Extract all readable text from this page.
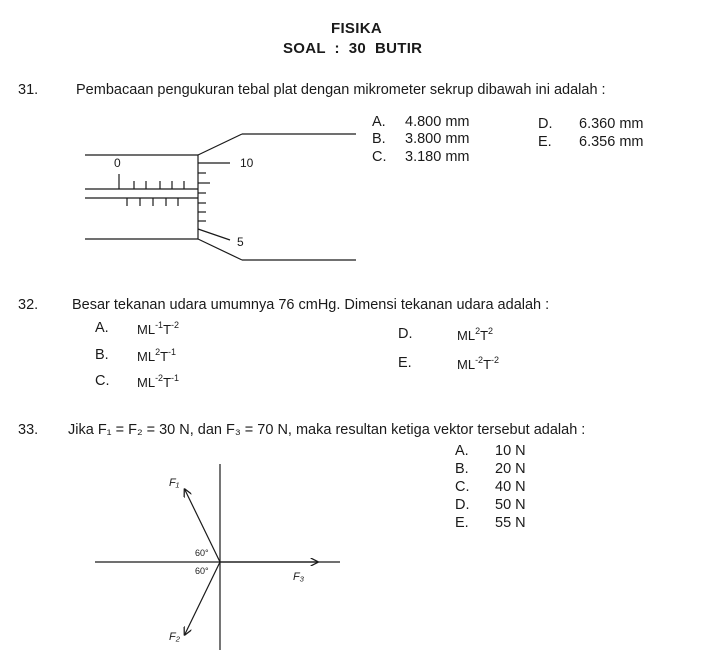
FISIKA
SOAL  :  30  BUTIR
31.	Pembacaan pengukuran tebal plat dengan mikrometer sekrup dibawah ini adalah :
A. 4.800 mm
B. 3.800 mm
C. 3.180 mm
D. 6.360 mm
E. 6.356 mm
0	10
5
32. Besar tekanan udara umumnya 76 cmHg. Dimensi tekanan udara adalah :
A. $ML^{-1}T^{-2}$
B. $ML^2T^{-1}$
C. $ML^{-2}T^{-1}$
D.	$ML^2T^2$
E.	$ML^{-2}T^{-2}$
33. Jika F₁ = F₂ = 30 N, dan F₃ = 70 N, maka resultan ketiga vektor tersebut adalah :
A. 10 N
B. 20 N
C. 40 N
D. 50 N
E. 55 N
F₁
F₂
F₃
60°
60°
